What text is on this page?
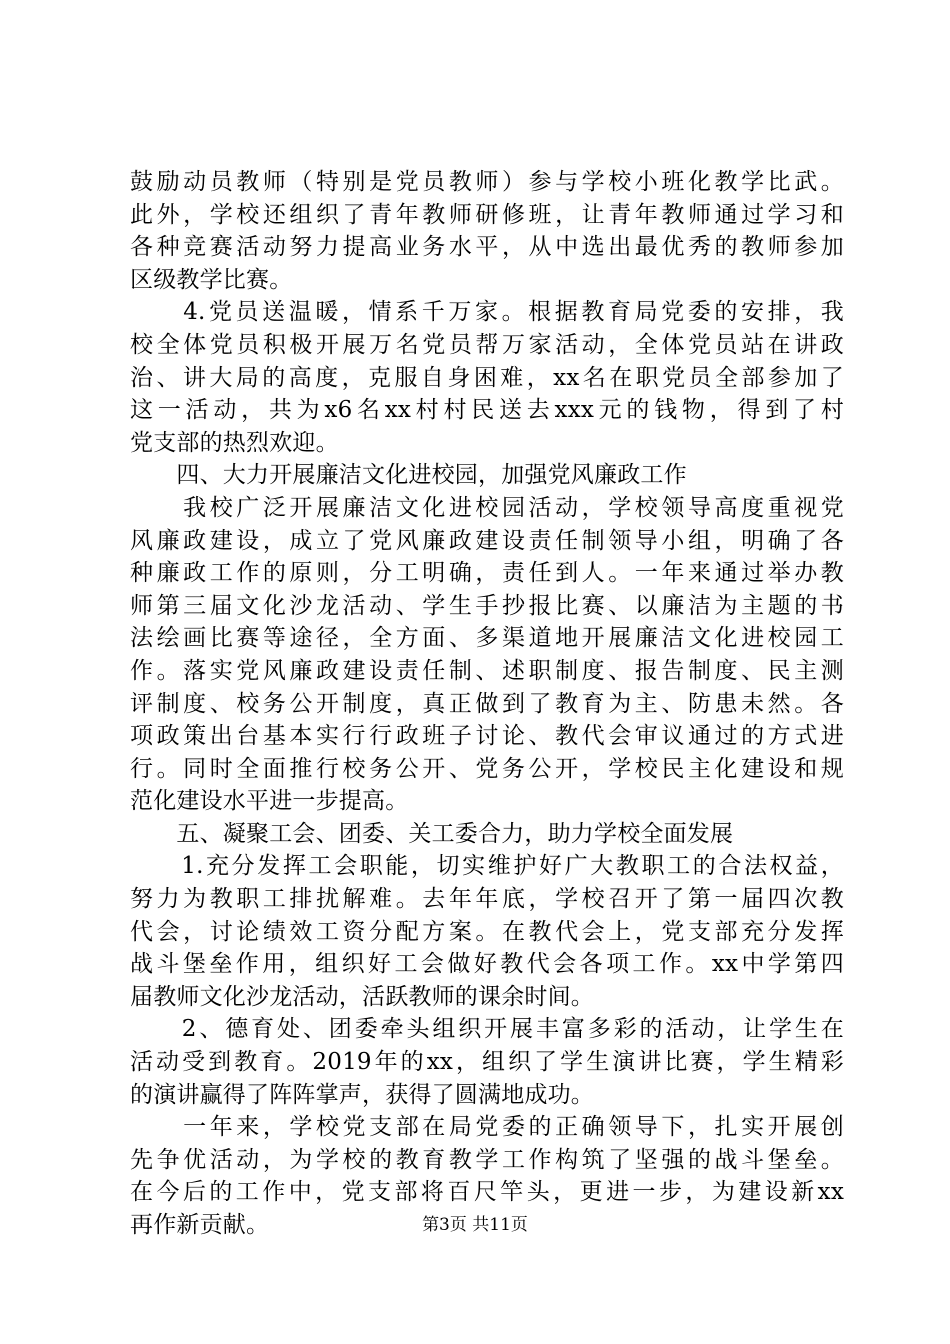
鼓励动员教师（特别是党员教师）参与学校小班化教学比武。
此外，学校还组织了青年教师研修班，让青年教师通过学习和
各种竞赛活动努力提高业务水平，从中选出最优秀的教师参加
区级教学比赛。
　　4.党员送温暖，情系千万家。根据教育局党委的安排，我
校全体党员积极开展万名党员帮万家活动，全体党员站在讲政
治、讲大局的高度，克服自身困难，xx名在职党员全部参加了
这一活动，共为x6名xx村村民送去xxx元的钱物，得到了村
党支部的热烈欢迎。
　　四、大力开展廉洁文化进校园，加强党风廉政工作
　　我校广泛开展廉洁文化进校园活动，学校领导高度重视党
风廉政建设，成立了党风廉政建设责任制领导小组，明确了各
种廉政工作的原则，分工明确，责任到人。一年来通过举办教
师第三届文化沙龙活动、学生手抄报比赛、以廉洁为主题的书
法绘画比赛等途径，全方面、多渠道地开展廉洁文化进校园工
作。落实党风廉政建设责任制、述职制度、报告制度、民主测
评制度、校务公开制度，真正做到了教育为主、防患未然。各
项政策出台基本实行行政班子讨论、教代会审议通过的方式进
行。同时全面推行校务公开、党务公开，学校民主化建设和规
范化建设水平进一步提高。
　　五、凝聚工会、团委、关工委合力，助力学校全面发展
　　1.充分发挥工会职能，切实维护好广大教职工的合法权益，
努力为教职工排扰解难。去年年底，学校召开了第一届四次教
代会，讨论绩效工资分配方案。在教代会上，党支部充分发挥
战斗堡垒作用，组织好工会做好教代会各项工作。xx中学第四
届教师文化沙龙活动，活跃教师的课余时间。
　　2、德育处、团委牵头组织开展丰富多彩的活动，让学生在
活动受到教育。2019年的xx，组织了学生演讲比赛，学生精彩
的演讲赢得了阵阵掌声，获得了圆满地成功。
　　一年来，学校党支部在局党委的正确领导下，扎实开展创
先争优活动，为学校的教育教学工作构筑了坚强的战斗堡垒。
在今后的工作中，党支部将百尺竿头，更进一步，为建设新xx
再作新贡献。	第3页 共11页
